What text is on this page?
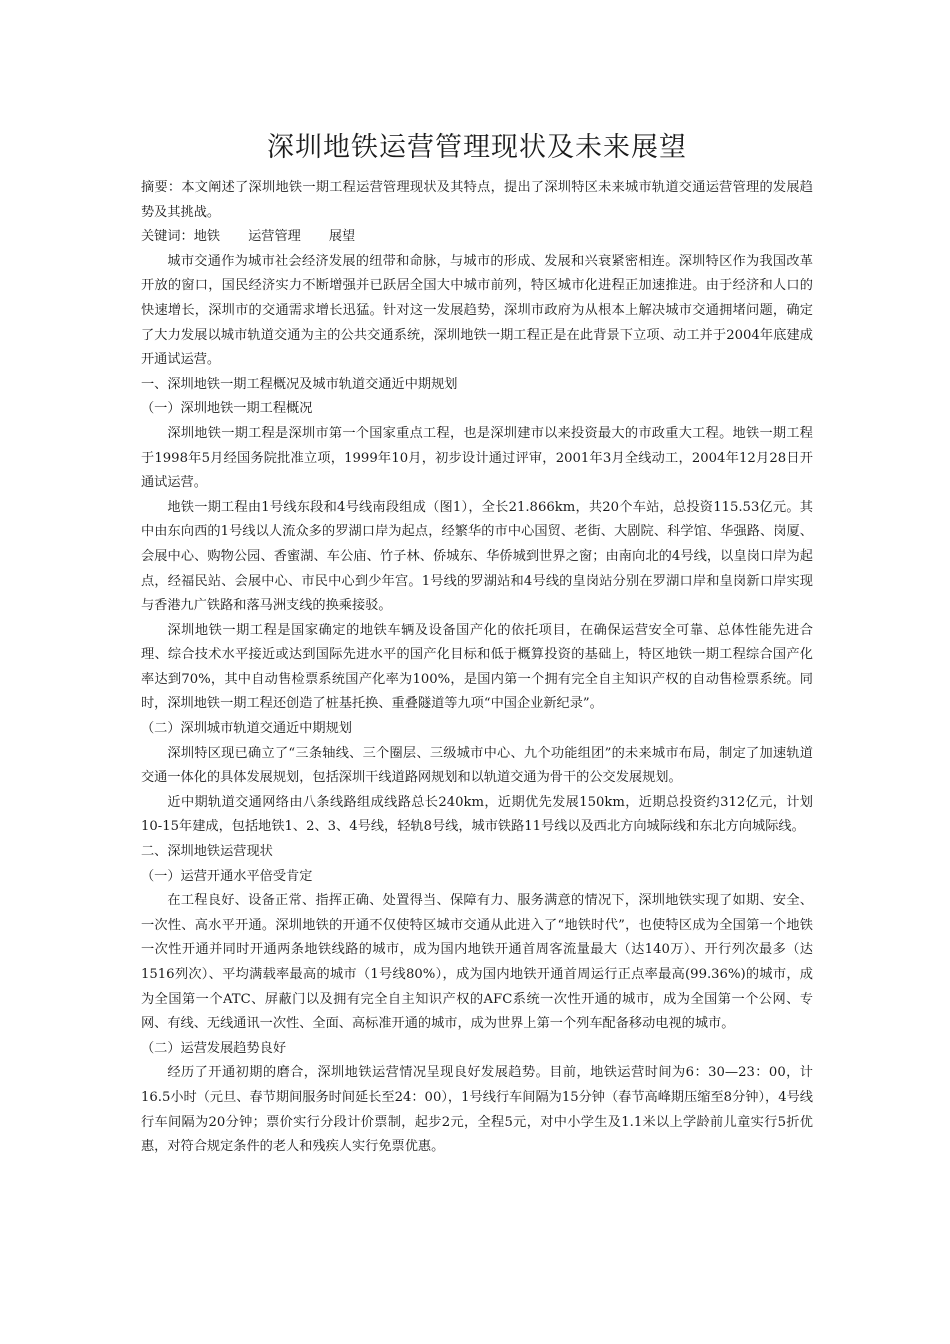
深圳地铁运营管理现状及未来展望

摘要：本文阐述了深圳地铁一期工程运营管理现状及其特点，提出了深圳特区未来城市轨道交通运营管理的发展趋势及其挑战。

关键词：地铁 运营管理 展望

城市交通作为城市社会经济发展的纽带和命脉，与城市的形成、发展和兴衰紧密相连。深圳特区作为我国改革开放的窗口，国民经济实力不断增强并已跃居全国大中城市前列，特区城市化进程正加速推进。由于经济和人口的快速增长，深圳市的交通需求增长迅猛。针对这一发展趋势，深圳市政府为从根本上解决城市交通拥堵问题，确定了大力发展以城市轨道交通为主的公共交通系统，深圳地铁一期工程正是在此背景下立项、动工并于2004年底建成开通试运营。

一、深圳地铁一期工程概况及城市轨道交通近中期规划

（一）深圳地铁一期工程概况

深圳地铁一期工程是深圳市第一个国家重点工程，也是深圳建市以来投资最大的市政重大工程。地铁一期工程于1998年5月经国务院批准立项，1999年10月，初步设计通过评审，2001年3月全线动工，2004年12月28日开通试运营。

地铁一期工程由1号线东段和4号线南段组成（图1），全长21.866km，共20个车站，总投资115.53亿元。其中由东向西的1号线以人流众多的罗湖口岸为起点，经繁华的市中心国贸、老街、大剧院、科学馆、华强路、岗厦、会展中心、购物公园、香蜜湖、车公庙、竹子林、侨城东、华侨城到世界之窗；由南向北的4号线，以皇岗口岸为起点，经福民站、会展中心、市民中心到少年宫。1号线的罗湖站和4号线的皇岗站分别在罗湖口岸和皇岗新口岸实现与香港九广铁路和落马洲支线的换乘接驳。

深圳地铁一期工程是国家确定的地铁车辆及设备国产化的依托项目，在确保运营安全可靠、总体性能先进合理、综合技术水平接近或达到国际先进水平的国产化目标和低于概算投资的基础上，特区地铁一期工程综合国产化率达到70%，其中自动售检票系统国产化率为100%，是国内第一个拥有完全自主知识产权的自动售检票系统。同时，深圳地铁一期工程还创造了桩基托换、重叠隧道等九项“中国企业新纪录”。

（二）深圳城市轨道交通近中期规划

深圳特区现已确立了“三条轴线、三个圈层、三级城市中心、九个功能组团”的未来城市布局，制定了加速轨道交通一体化的具体发展规划，包括深圳干线道路网规划和以轨道交通为骨干的公交发展规划。

近中期轨道交通网络由八条线路组成线路总长240km，近期优先发展150km，近期总投资约312亿元，计划10-15年建成，包括地铁1、2、3、4号线，轻轨8号线，城市铁路11号线以及西北方向城际线和东北方向城际线。

二、深圳地铁运营现状

（一）运营开通水平倍受肯定

在工程良好、设备正常、指挥正确、处置得当、保障有力、服务满意的情况下，深圳地铁实现了如期、安全、一次性、高水平开通。深圳地铁的开通不仅使特区城市交通从此进入了“地铁时代”，也使特区成为全国第一个地铁一次性开通并同时开通两条地铁线路的城市，成为国内地铁开通首周客流量最大（达140万）、开行列次最多（达1516列次）、平均满载率最高的城市（1号线80%），成为国内地铁开通首周运行正点率最高(99.36%)的城市，成为全国第一个ATC、屏蔽门以及拥有完全自主知识产权的AFC系统一次性开通的城市，成为全国第一个公网、专网、有线、无线通讯一次性、全面、高标准开通的城市，成为世界上第一个列车配备移动电视的城市。

（二）运营发展趋势良好

经历了开通初期的磨合，深圳地铁运营情况呈现良好发展趋势。目前，地铁运营时间为6：30—23：00，计16.5小时（元旦、春节期间服务时间延长至24：00），1号线行车间隔为15分钟（春节高峰期压缩至8分钟），4号线行车间隔为20分钟；票价实行分段计价票制，起步2元，全程5元，对中小学生及1.1米以上学龄前儿童实行5折优惠，对符合规定条件的老人和残疾人实行免票优惠。
